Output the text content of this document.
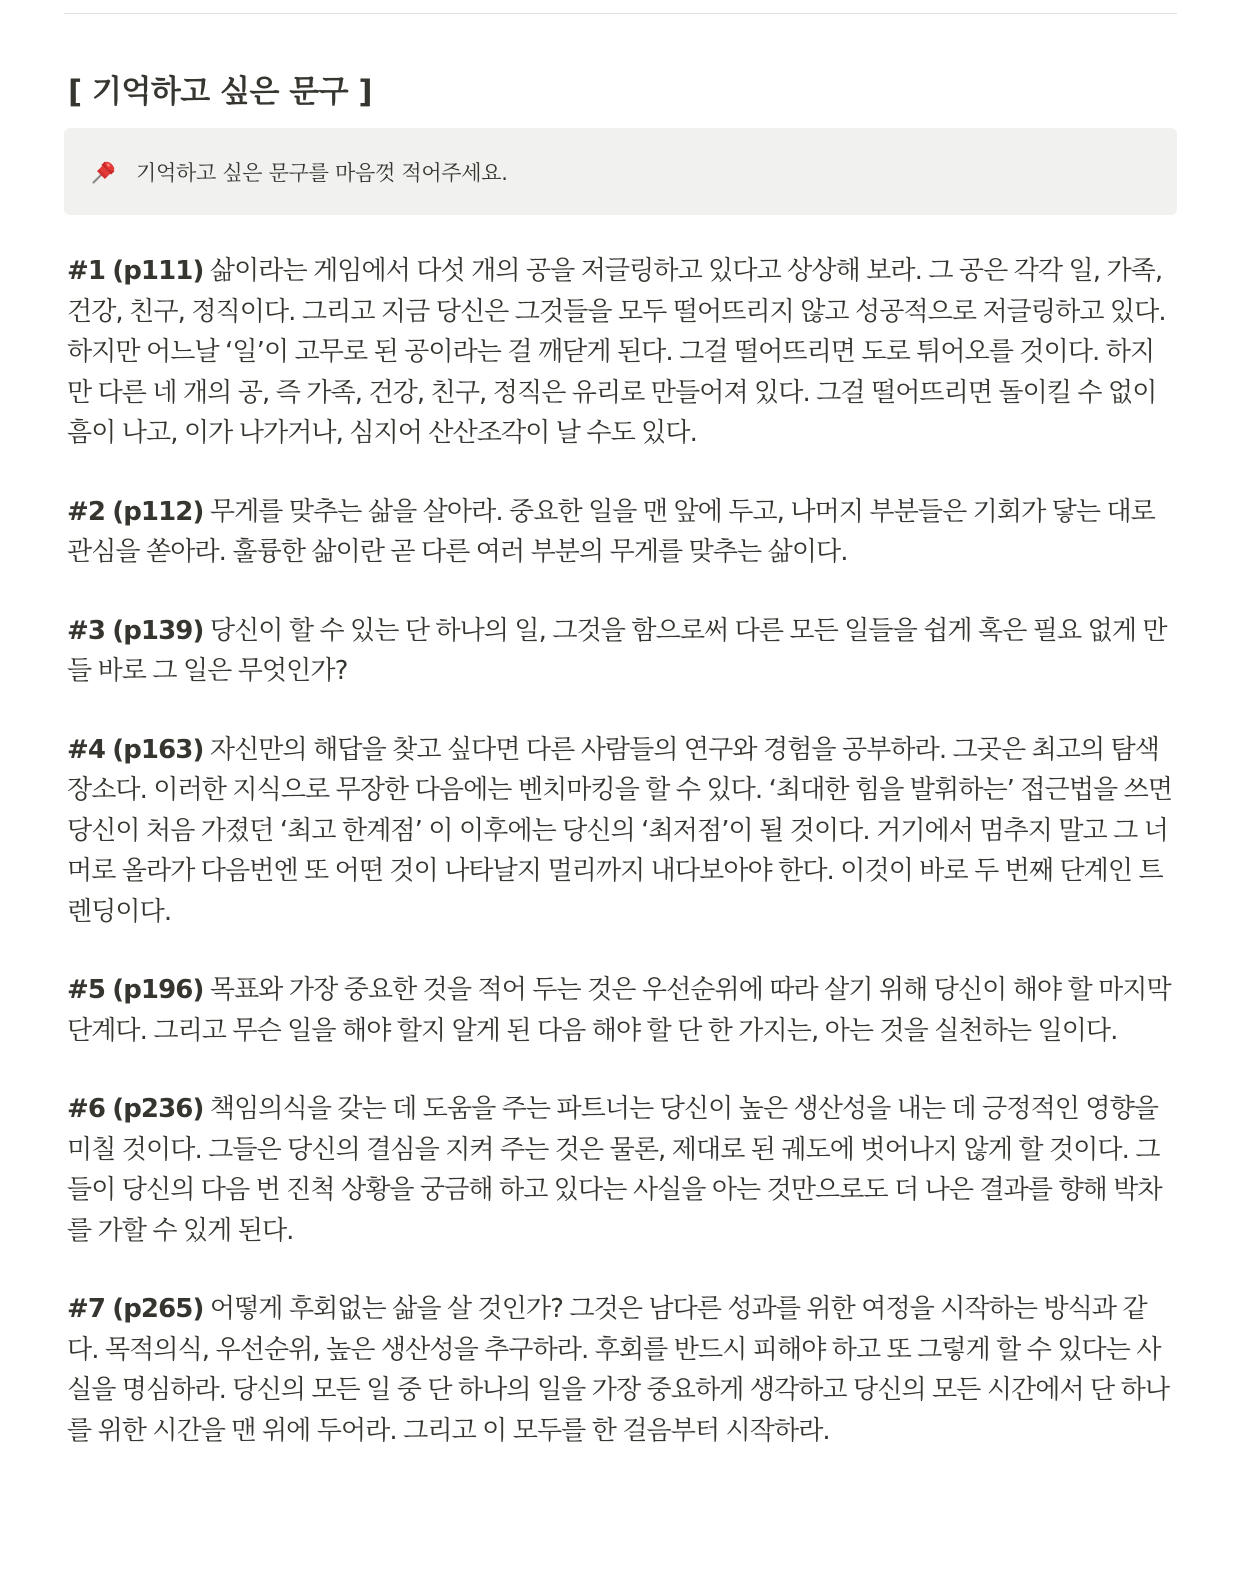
[ 기억하고 싶은 문구 ]
기억하고 싶은 문구를 마음껏 적어주세요.

#1 (p111) 삶이라는 게임에서 다섯 개의 공을 저글링하고 있다고 상상해 보라. 그 공은 각각 일, 가족, 건강, 친구, 정직이다. 그리고 지금 당신은 그것들을 모두 떨어뜨리지 않고 성공적으로 저글링하고 있다. 하지만 어느날 ‘일’이 고무로 된 공이라는 걸 깨닫게 된다. 그걸 떨어뜨리면 도로 튀어오를 것이다. 하지만 다른 네 개의 공, 즉 가족, 건강, 친구, 정직은 유리로 만들어져 있다. 그걸 떨어뜨리면 돌이킬 수 없이 흠이 나고, 이가 나가거나, 심지어 산산조각이 날 수도 있다.

#2 (p112) 무게를 맞추는 삶을 살아라. 중요한 일을 맨 앞에 두고, 나머지 부분들은 기회가 닿는 대로 관심을 쏟아라. 훌륭한 삶이란 곧 다른 여러 부분의 무게를 맞추는 삶이다.

#3 (p139) 당신이 할 수 있는 단 하나의 일, 그것을 함으로써 다른 모든 일들을 쉽게 혹은 필요 없게 만들 바로 그 일은 무엇인가?

#4 (p163) 자신만의 해답을 찾고 싶다면 다른 사람들의 연구와 경험을 공부하라. 그곳은 최고의 탐색 장소다. 이러한 지식으로 무장한 다음에는 벤치마킹을 할 수 있다. ‘최대한 힘을 발휘하는’ 접근법을 쓰면 당신이 처음 가졌던 ‘최고 한계점’ 이 이후에는 당신의 ‘최저점’이 될 것이다. 거기에서 멈추지 말고 그 너머로 올라가 다음번엔 또 어떤 것이 나타날지 멀리까지 내다보아야 한다. 이것이 바로 두 번째 단계인 트렌딩이다.

#5 (p196) 목표와 가장 중요한 것을 적어 두는 것은 우선순위에 따라 살기 위해 당신이 해야 할 마지막 단계다. 그리고 무슨 일을 해야 할지 알게 된 다음 해야 할 단 한 가지는, 아는 것을 실천하는 일이다.

#6 (p236) 책임의식을 갖는 데 도움을 주는 파트너는 당신이 높은 생산성을 내는 데 긍정적인 영향을 미칠 것이다. 그들은 당신의 결심을 지켜 주는 것은 물론, 제대로 된 궤도에 벗어나지 않게 할 것이다. 그들이 당신의 다음 번 진척 상황을 궁금해 하고 있다는 사실을 아는 것만으로도 더 나은 결과를 향해 박차를 가할 수 있게 된다.

#7 (p265) 어떻게 후회없는 삶을 살 것인가? 그것은 남다른 성과를 위한 여정을 시작하는 방식과 같다. 목적의식, 우선순위, 높은 생산성을 추구하라. 후회를 반드시 피해야 하고 또 그렇게 할 수 있다는 사실을 명심하라. 당신의 모든 일 중 단 하나의 일을 가장 중요하게 생각하고 당신의 모든 시간에서 단 하나를 위한 시간을 맨 위에 두어라. 그리고 이 모두를 한 걸음부터 시작하라.
